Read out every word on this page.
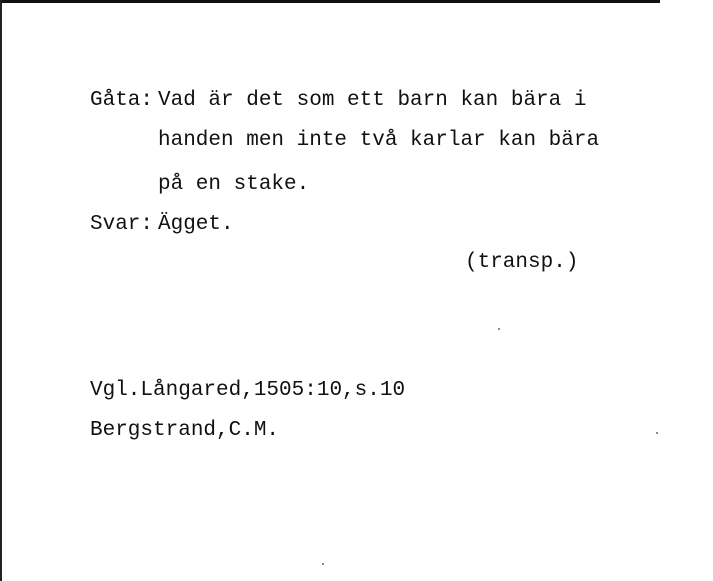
Gåta: Vad är det som ett barn kan bära i
handen men inte två karlar kan bära
på en stake.
Svar: Ägget.
(transp.)
Vgl.Långared,1505:10,s.10
Bergstrand,C.M.
